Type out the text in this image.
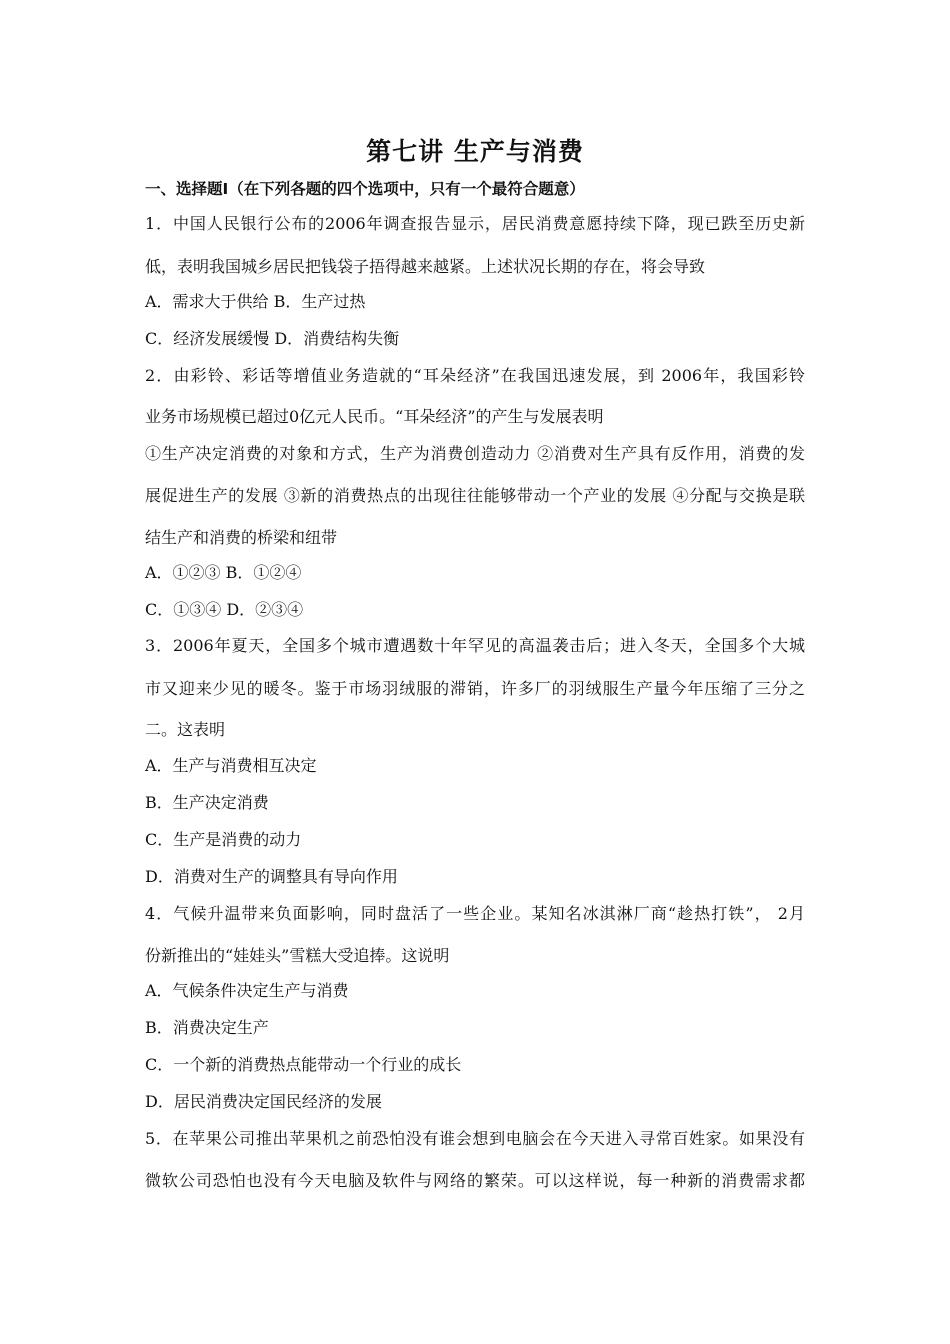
第七讲 生产与消费
一、选择题Ⅰ（在下列各题的四个选项中，只有一个最符合题意）
1．中国人民银行公布的2006年调查报告显示，居民消费意愿持续下降，现已跌至历史新
低，表明我国城乡居民把钱袋子捂得越来越紧。上述状况长期的存在，将会导致
A．需求大于供给 B．生产过热
C．经济发展缓慢 D．消费结构失衡
2．由彩铃、彩话等增值业务造就的“耳朵经济”在我国迅速发展，到 2006年，我国彩铃
业务市场规模已超过0亿元人民币。“耳朵经济”的产生与发展表明
①生产决定消费的对象和方式，生产为消费创造动力 ②消费对生产具有反作用，消费的发
展促进生产的发展 ③新的消费热点的出现往往能够带动一个产业的发展 ④分配与交换是联
结生产和消费的桥梁和纽带
A．①②③ B．①②④
C．①③④ D．②③④
3．2006年夏天，全国多个城市遭遇数十年罕见的高温袭击后；进入冬天，全国多个大城
市又迎来少见的暖冬。鉴于市场羽绒服的滞销，许多厂的羽绒服生产量今年压缩了三分之
二。这表明
A．生产与消费相互决定
B．生产决定消费
C．生产是消费的动力
D．消费对生产的调整具有导向作用
4．气候升温带来负面影响，同时盘活了一些企业。某知名冰淇淋厂商“趁热打铁”， 2月
份新推出的“娃娃头”雪糕大受追捧。这说明
A．气候条件决定生产与消费
B．消费决定生产
C．一个新的消费热点能带动一个行业的成长
D．居民消费决定国民经济的发展
5．在苹果公司推出苹果机之前恐怕没有谁会想到电脑会在今天进入寻常百姓家。如果没有
微软公司恐怕也没有今天电脑及软件与网络的繁荣。可以这样说，每一种新的消费需求都
